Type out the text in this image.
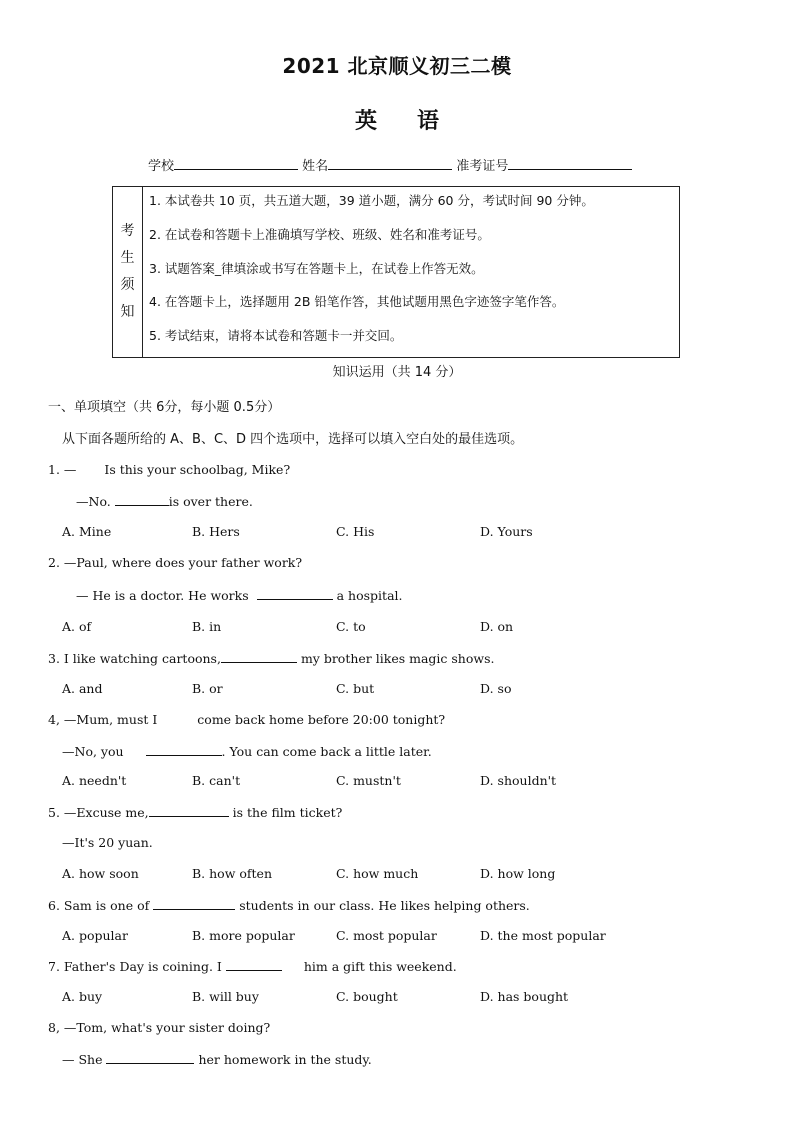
2021 北京顺义初三二模
英语
学校	姓名	准考证号
考
生
须
知
1. 本试卷共 10 页，共五道大题，39 道小题，满分 60 分，考试时间 90 分钟。
2. 在试卷和答题卡上准确填写学校、班级、姓名和准考证号。
3. 试题答案_律填涂或书写在答题卡上，在试卷上作答无效。
4. 在答题卡上，选择题用 2B 铅笔作答，其他试题用黑色字迹签字笔作答。
5. 考试结束，请将本试卷和答题卡一并交回。
知识运用（共 14 分）
一、单项填空（共 6分，每小题 0.5分）
从下面各题所给的 A、B、C、D 四个选项中，选择可以填入空白处的最佳选项。
1. — Is this your schoolbag, Mike?
—No.	is over there.
A. Mine	B. Hers	C. His	D. Yours
2. —Paul, where does your father work?
— He is a doctor. He works	a hospital.
A. of	B. in	C. to	D. on
3. I like watching cartoons,	my brother likes magic shows.
A. and	B. or	C. but	D. so
4, —Mum, must I	come back home before 20:00 tonight?
—No, you	. You can come back a little later.
A. needn't	B. can't	C. mustn't	D. shouldn't
5. —Excuse me,	is the film ticket?
—It's 20 yuan.
A. how soon	B. how often	C. how much	D. how long
6. Sam is one of	students in our class. He likes helping others.
A. popular	B. more popular	C. most popular	D. the most popular
7. Father's Day is coining. I	him a gift this weekend.
A. buy	B. will buy	C. bought	D. has bought
8, —Tom, what's your sister doing?
— She	her homework in the study.
